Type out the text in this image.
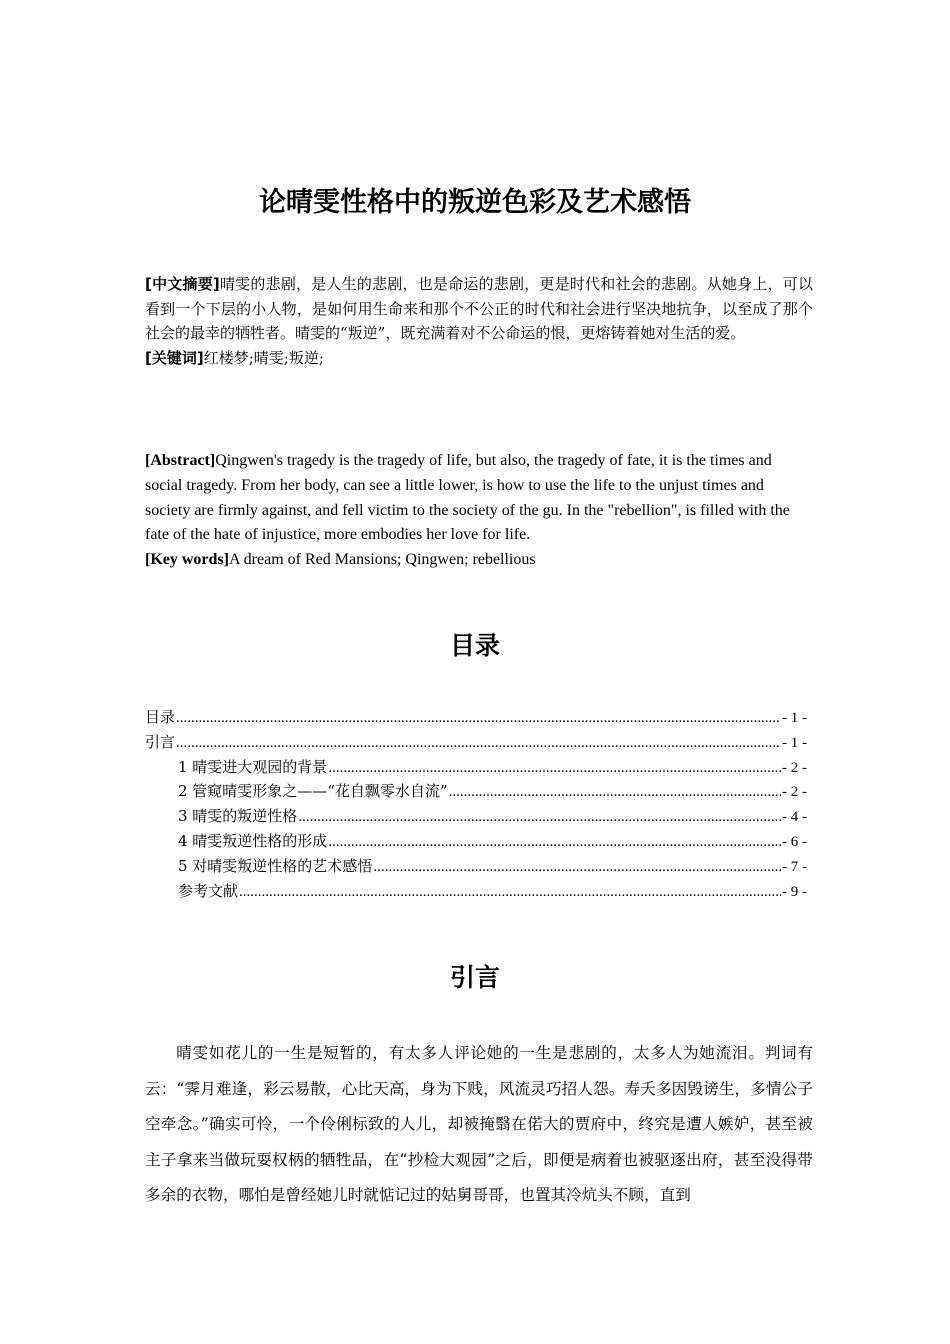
论晴雯性格中的叛逆色彩及艺术感悟

[中文摘要]晴雯的悲剧，是人生的悲剧，也是命运的悲剧，更是时代和社会的悲剧。从她身上，可以看到一个下层的小人物，是如何用生命来和那个不公正的时代和社会进行坚决地抗争，以至成了那个社会的最幸的牺牲者。晴雯的“叛逆”，既充满着对不公命运的恨，更熔铸着她对生活的爱。

[关键词]红楼梦;晴雯;叛逆;

[Abstract]Qingwen's tragedy is the tragedy of life, but also, the tragedy of fate, it is the times and social tragedy. From her body, can see a little lower, is how to use the life to the unjust times and society are firmly against, and fell victim to the society of the gu. In the "rebellion", is filled with the fate of the hate of injustice, more embodies her love for life.

[Key words]A dream of Red Mansions; Qingwen; rebellious

目录
目录 .....	- 1 -
引言 .....	- 1 -
1 晴雯进大观园的背景 .....	- 2 -
2 管窥晴雯形象之——“花自飘零水自流” .....	- 2 -
3 晴雯的叛逆性格 .....	- 4 -
4 晴雯叛逆性格的形成 .....	- 6 -
5 对晴雯叛逆性格的艺术感悟 .....	- 7 -
参考文献 .....	- 9 -
引言

晴雯如花儿的一生是短暂的，有太多人评论她的一生是悲剧的，太多人为她流泪。判词有云：“霁月难逢，彩云易散，心比天高，身为下贱，风流灵巧招人怨。寿夭多因毁谤生，多情公子空牵念。”确实可怜，一个伶俐标致的人儿，却被掩翳在偌大的贾府中，终究是遭人嫉妒，甚至被主子拿来当做玩耍权柄的牺牲品，在“抄检大观园”之后，即便是病着也被驱逐出府，甚至没得带多余的衣物，哪怕是曾经她儿时就惦记过的姑舅哥哥，也置其冷炕头不顾，直到
